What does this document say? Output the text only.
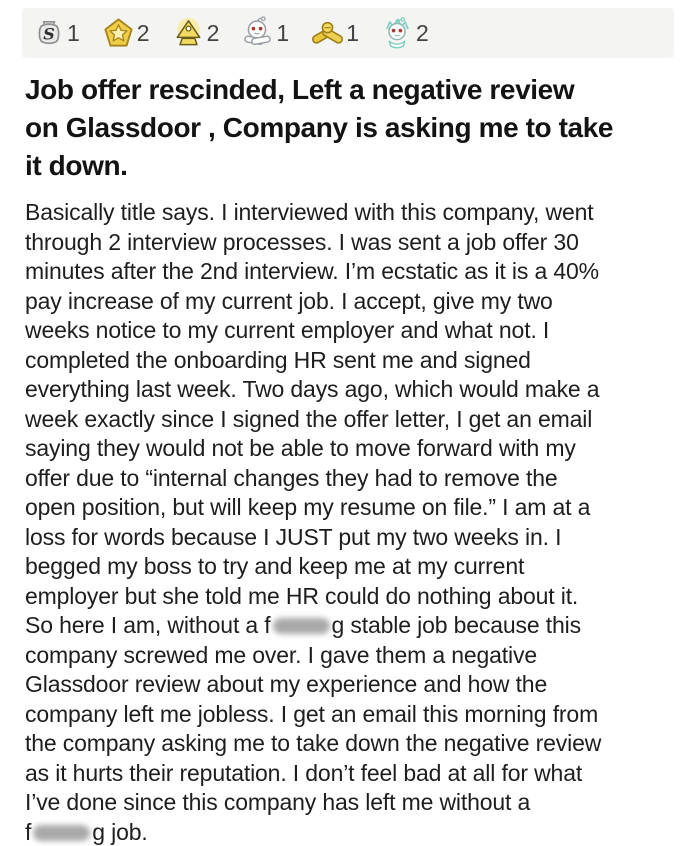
S 1 2 2 1 1 2
Job offer rescinded, Left a negative review
on Glassdoor , Company is asking me to take
it down.
Basically title says. I interviewed with this company, went
through 2 interview processes. I was sent a job offer 30
minutes after the 2nd interview. I’m ecstatic as it is a 40%
pay increase of my current job. I accept, give my two
weeks notice to my current employer and what not. I
completed the onboarding HR sent me and signed
everything last week. Two days ago, which would make a
week exactly since I signed the offer letter, I get an email
saying they would not be able to move forward with my
offer due to “internal changes they had to remove the
open position, but will keep my resume on file.” I am at a
loss for words because I JUST put my two weeks in. I
begged my boss to try and keep me at my current
employer but she told me HR could do nothing about it.
So here I am, without a f	g stable job because this
company screwed me over. I gave them a negative
Glassdoor review about my experience and how the
company left me jobless. I get an email this morning from
the company asking me to take down the negative review
as it hurts their reputation. I don’t feel bad at all for what
I’ve done since this company has left me without a
f	g job.
